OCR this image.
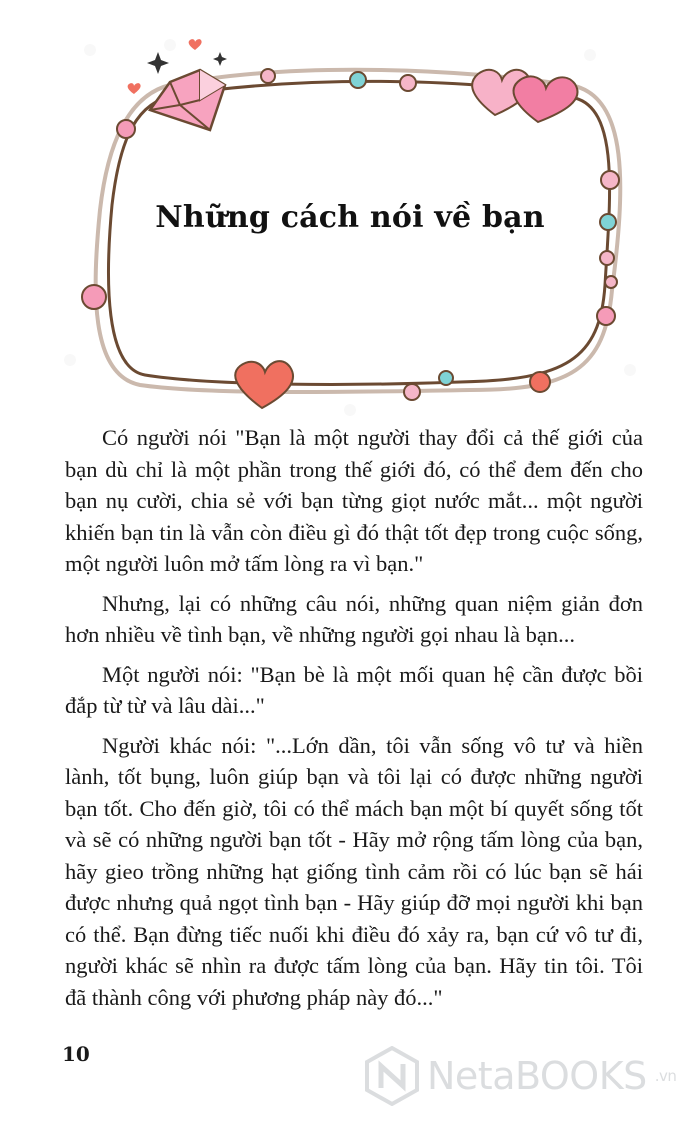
Những cách nói về bạn

Có người nói "Bạn là một người thay đổi cả thế giới của bạn dù chỉ là một phần trong thế giới đó, có thể đem đến cho bạn nụ cười, chia sẻ với bạn từng giọt nước mắt... một người khiến bạn tin là vẫn còn điều gì đó thật tốt đẹp trong cuộc sống, một người luôn mở tấm lòng ra vì bạn."

Nhưng, lại có những câu nói, những quan niệm giản đơn hơn nhiều về tình bạn, về những người gọi nhau là bạn...

Một người nói: "Bạn bè là một mối quan hệ cần được bồi đắp từ từ và lâu dài..."

Người khác nói: "...Lớn dần, tôi vẫn sống vô tư và hiền lành, tốt bụng, luôn giúp bạn và tôi lại có được những người bạn tốt. Cho đến giờ, tôi có thể mách bạn một bí quyết sống tốt và sẽ có những người bạn tốt - Hãy mở rộng tấm lòng của bạn, hãy gieo trồng những hạt giống tình cảm rồi có lúc bạn sẽ hái được nhưng quả ngọt tình bạn - Hãy giúp đỡ mọi người khi bạn có thể. Bạn đừng tiếc nuối khi điều đó xảy ra, bạn cứ vô tư đi, người khác sẽ nhìn ra được tấm lòng của bạn. Hãy tin tôi. Tôi đã thành công với phương pháp này đó..."

10	NetaBOOKS .vn
